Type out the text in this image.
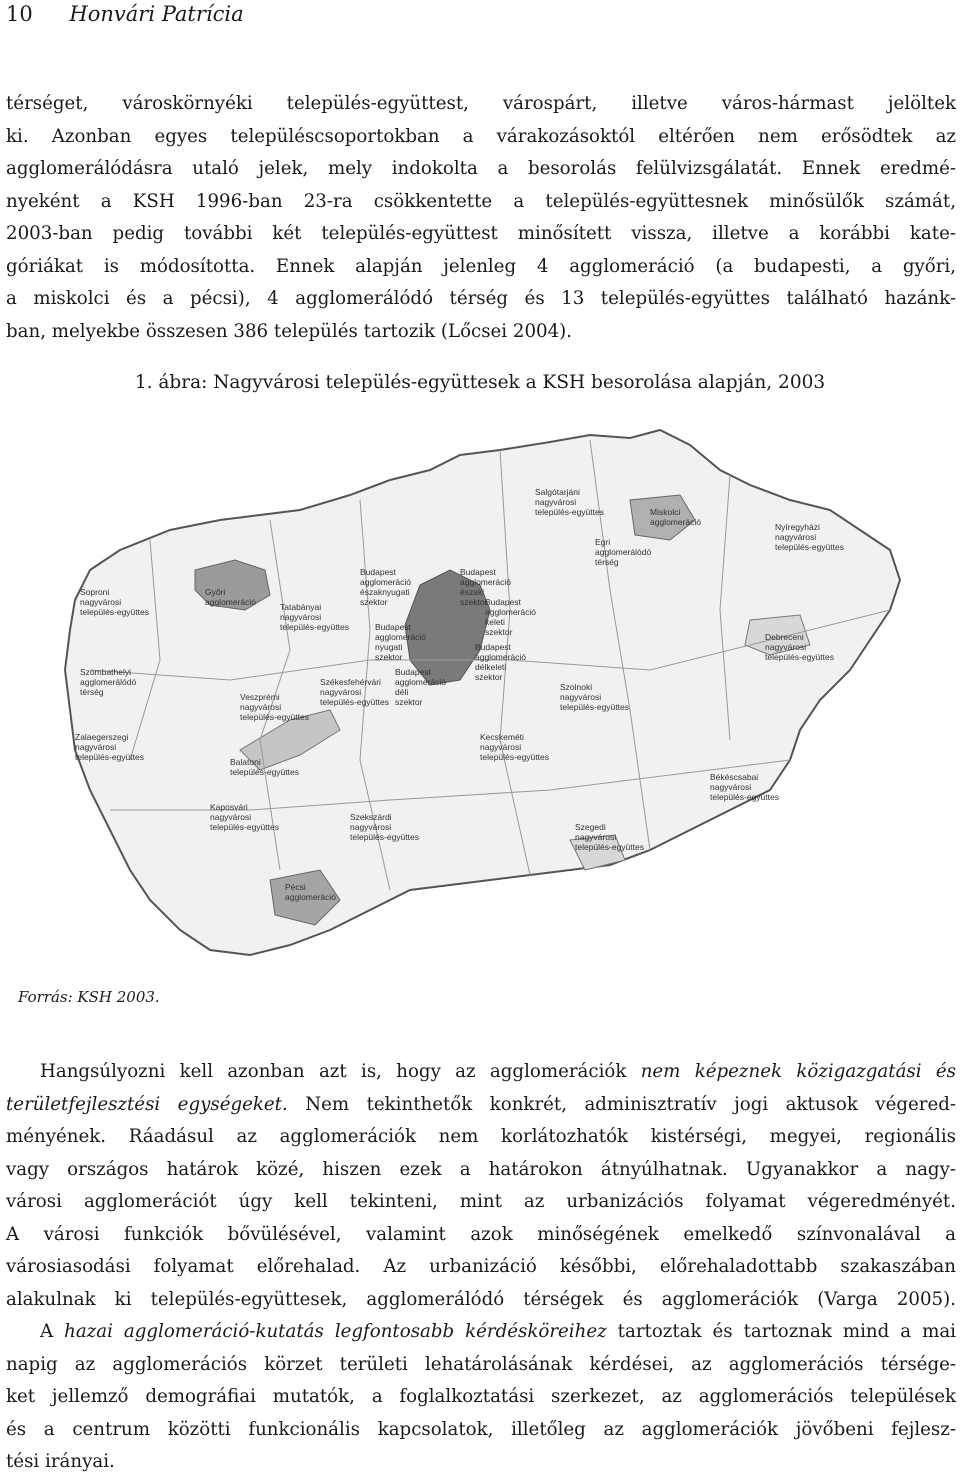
10 Honvári Patrícia
térséget, városkörnyéki település-együttest, várospárt, illetve város-hármast jelöltek
ki. Azonban egyes településcsoportokban a várakozásoktól eltérően nem erősödtek az
agglomerálódásra utaló jelek, mely indokolta a besorolás felülvizsgálatát. Ennek eredmé-
nyeként a KSH 1996-ban 23-ra csökkentette a település-együttesnek minősülők számát,
2003-ban pedig további két település-együttest minősített vissza, illetve a korábbi kate-
góriákat is módosította. Ennek alapján jelenleg 4 agglomeráció (a budapesti, a győri,
a miskolci és a pécsi), 4 agglomerálódó térség és 13 település-együttes található hazánk-
ban, melyekbe összesen 386 település tartozik (Lőcsei 2004).
1. ábra: Nagyvárosi település-együttesek a KSH besorolása alapján, 2003
Salgótarjáni nagyvárosi település-együttes	Miskolci agglomeráció
Egri agglomerálódó térség
Nyíregyházi nagyvárosi település-együttes
Soproni nagyvárosi település-együttes
Győri agglomeráció
Budapest agglomeráció északnyugati szektor
Budapest agglomeráció északi szektor
Tatabányai nagyvárosi település-együttes
Budapest agglomeráció keleti szektor
Budapest agglomeráció nyugati szektor
Debreceni nagyvárosi település-együttes
Szombathelyi agglomerálódó térség
Budapest agglomeráció délkeleti szektor
Székesfehérvári nagyvárosi település-együttes
Budapest agglomeráció déli szektor
Szolnoki nagyvárosi település-együttes
Zalaegerszegi nagyvárosi település-együttes
Veszprémi nagyvárosi település-együttes
Balatoni település-együttes
Kecskeméti nagyvárosi település-együttes
Békéscsabai nagyvárosi település-együttes
Kaposvári nagyvárosi település-együttes
Szekszárdi nagyvárosi település-együttes
Szegedi nagyvárosi település-együttes
Pécsi agglomeráció
Forrás: KSH 2003.
Hangsúlyozni kell azonban azt is, hogy az agglomerációk nem képeznek közigazgatási és
területfejlesztési egységeket. Nem tekinthetők konkrét, adminisztratív jogi aktusok végered-
ményének. Ráadásul az agglomerációk nem korlátozhatók kistérségi, megyei, regionális
vagy országos határok közé, hiszen ezek a határokon átnyúlhatnak. Ugyanakkor a nagy-
városi agglomerációt úgy kell tekinteni, mint az urbanizációs folyamat végeredményét.
A városi funkciók bővülésével, valamint azok minőségének emelkedő színvonalával a
városiasodási folyamat előrehalad. Az urbanizáció későbbi, előrehaladottabb szakaszában
alakulnak ki település-együttesek, agglomerálódó térségek és agglomerációk (Varga 2005).
A hazai agglomeráció-kutatás legfontosabb kérdésköreihez tartoztak és tartoznak mind a mai
napig az agglomerációs körzet területi lehatárolásának kérdései, az agglomerációs térsége-
ket jellemző demográfiai mutatók, a foglalkoztatási szerkezet, az agglomerációs települések
és a centrum közötti funkcionális kapcsolatok, illetőleg az agglomerációk jövőbeni fejlesz-
tési irányai.
